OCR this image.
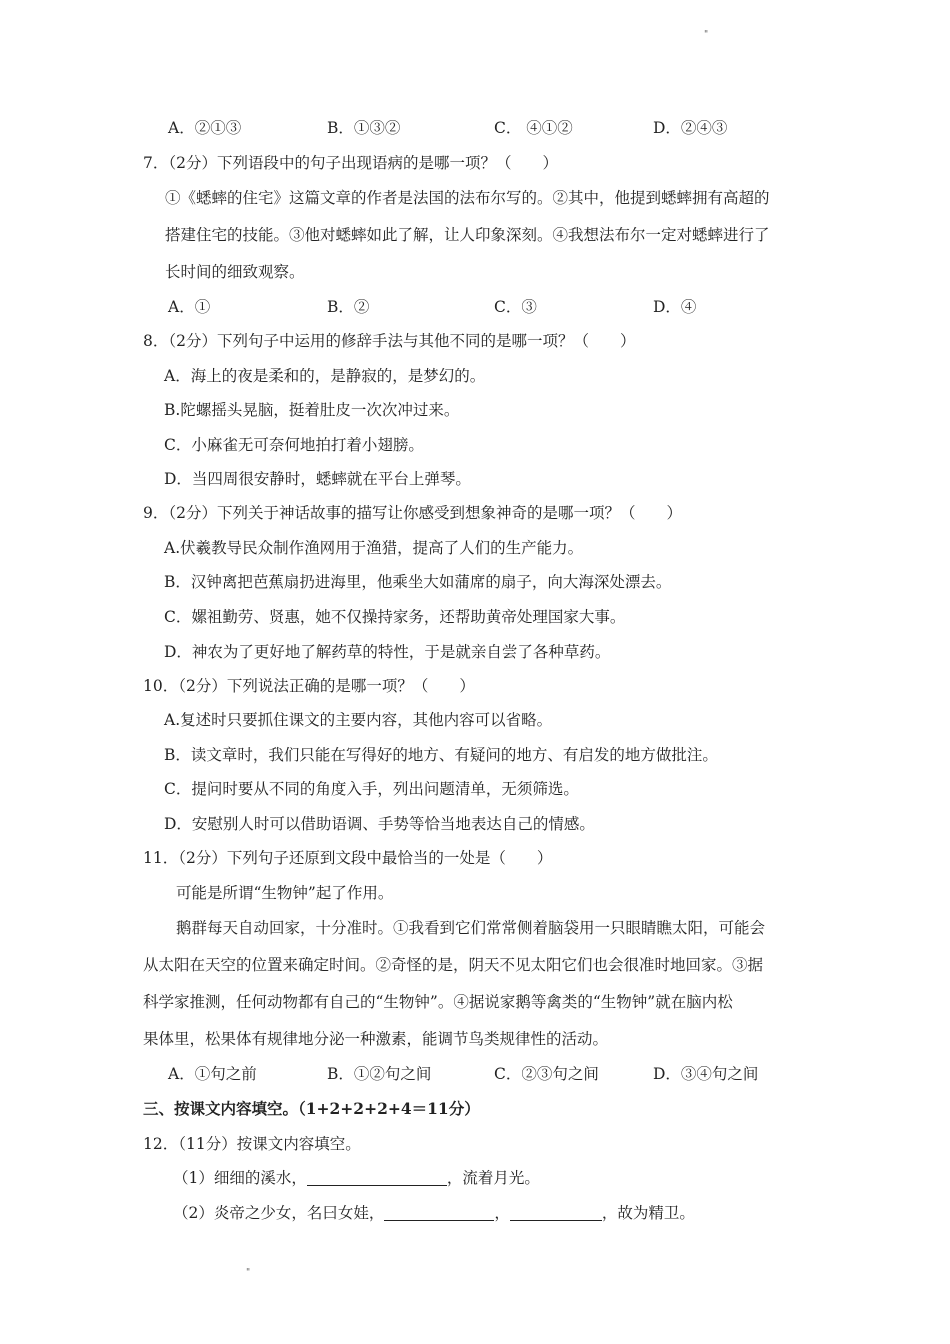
"
A．②①③	B．①③②	C． ④①②	D．②④③
7．（2分）下列语段中的句子出现语病的是哪一项？（　　）
①《蟋蟀的住宅》这篇文章的作者是法国的法布尔写的。②其中，他提到蟋蟀拥有高超的
搭建住宅的技能。③他对蟋蟀如此了解，让人印象深刻。④我想法布尔一定对蟋蟀进行了
长时间的细致观察。
A．①	B．②	C．③	D．④
8．（2分）下列句子中运用的修辞手法与其他不同的是哪一项？（　　）
A．海上的夜是柔和的，是静寂的，是梦幻的。
B.陀螺摇头晃脑，挺着肚皮一次次冲过来。
C．小麻雀无可奈何地拍打着小翅膀。
D．当四周很安静时，蟋蟀就在平台上弹琴。
9．（2分）下列关于神话故事的描写让你感受到想象神奇的是哪一项？（　　）
A.伏羲教导民众制作渔网用于渔猎，提高了人们的生产能力。
B．汉钟离把芭蕉扇扔进海里，他乘坐大如蒲席的扇子，向大海深处漂去。
C．嫘祖勤劳、贤惠，她不仅操持家务，还帮助黄帝处理国家大事。
D．神农为了更好地了解药草的特性，于是就亲自尝了各种草药。
10．（2分）下列说法正确的是哪一项？（　　）
A.复述时只要抓住课文的主要内容，其他内容可以省略。
B．读文章时，我们只能在写得好的地方、有疑问的地方、有启发的地方做批注。
C．提问时要从不同的角度入手，列出问题清单，无须筛选。
D．安慰别人时可以借助语调、手势等恰当地表达自己的情感。
11．（2分）下列句子还原到文段中最恰当的一处是（　　）
可能是所谓“生物钟”起了作用。
鹅群每天自动回家，十分准时。①我看到它们常常侧着脑袋用一只眼睛瞧太阳，可能会
从太阳在天空的位置来确定时间。②奇怪的是，阴天不见太阳它们也会很准时地回家。③据
科学家推测，任何动物都有自己的“生物钟”。④据说家鹅等禽类的“生物钟”就在脑内松
果体里，松果体有规律地分泌一种激素，能调节鸟类规律性的活动。
A．①句之前	B．①②句之间	C．②③句之间	D．③④句之间
三、按课文内容填空。（1+2+2+2+4＝11分）
12．（11分）按课文内容填空。
（1）细细的溪水，	，流着月光。
（2）炎帝之少女，名曰女娃，	，	，故为精卫。
"
